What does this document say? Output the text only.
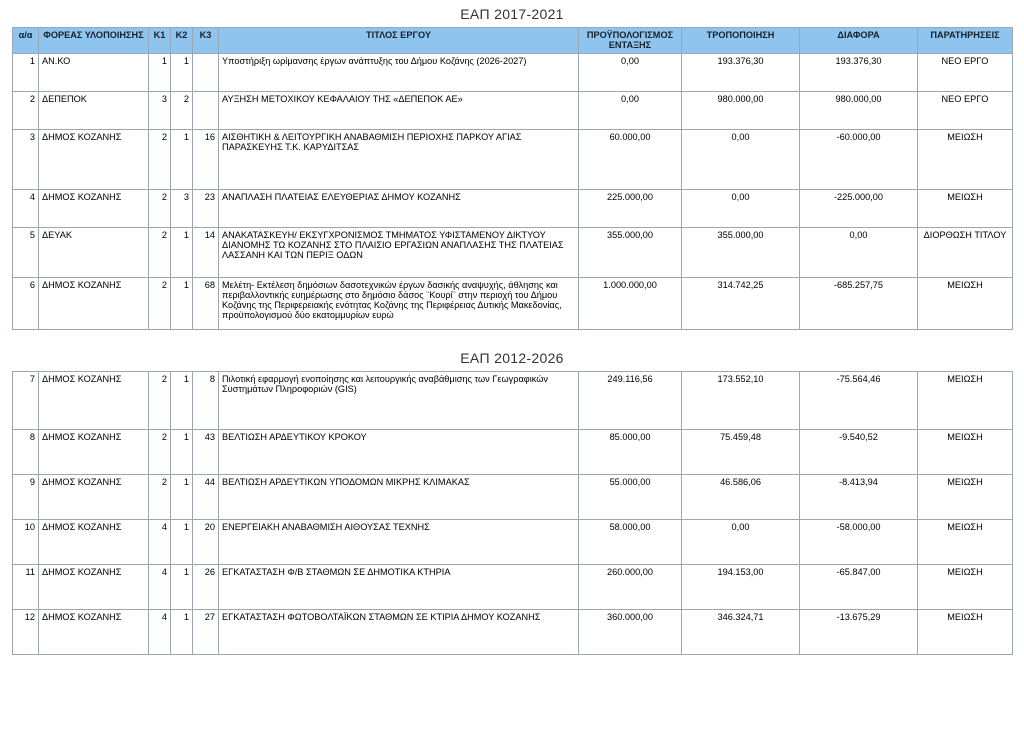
ΕΑΠ 2017-2021
α/α	ΦΟΡΕΑΣ ΥΛΟΠΟΙΗΣΗΣ	Κ1	Κ2	Κ3	ΤΙΤΛΟΣ ΕΡΓΟΥ	ΠΡΟΫΠΟΛΟΓΙΣΜΟΣ ΕΝΤΑΞΗΣ	ΤΡΟΠΟΠΟΙΗΣΗ	ΔΙΑΦΟΡΑ	ΠΑΡΑΤΗΡΗΣΕΙΣ
1	ΑΝ.ΚΟ	1	1		Υποστήριξη ωρίμανσης έργων ανάπτυξης του Δήμου Κοζάνης (2026-2027)	0,00	193.376,30	193.376,30	ΝΕΟ ΕΡΓΟ
2	ΔΕΠΕΠΟΚ	3	2		ΑΥΞΗΣΗ ΜΕΤΟΧΙΚΟΥ ΚΕΦΑΛΑΙΟΥ ΤΗΣ «ΔΕΠΕΠΟΚ ΑΕ»	0,00	980.000,00	980.000,00	ΝΕΟ ΕΡΓΟ
3	ΔΗΜΟΣ ΚΟΖΑΝΗΣ	2	1	16	ΑΙΣΘΗΤΙΚΗ & ΛΕΙΤΟΥΡΓΙΚΗ ΑΝΑΒΑΘΜΙΣΗ ΠΕΡΙΟΧΗΣ ΠΑΡΚΟΥ ΑΓΙΑΣ ΠΑΡΑΣΚΕΥΗΣ Τ.Κ. ΚΑΡΥΔΙΤΣΑΣ	60.000,00	0,00	-60.000,00	ΜΕΙΩΣΗ
4	ΔΗΜΟΣ ΚΟΖΑΝΗΣ	2	3	23	ΑΝΑΠΛΑΣΗ ΠΛΑΤΕΙΑΣ ΕΛΕΥΘΕΡΙΑΣ ΔΗΜΟΥ ΚΟΖΑΝΗΣ	225.000,00	0,00	-225.000,00	ΜΕΙΩΣΗ
5	ΔΕΥΑΚ	2	1	14	ΑΝΑΚΑΤΑΣΚΕΥΗ/ ΕΚΣΥΓΧΡΟΝΙΣΜΟΣ ΤΜΗΜΑΤΟΣ ΥΦΙΣΤΑΜΕΝΟΥ ΔΙΚΤΥΟΥ ΔΙΑΝΟΜΗΣ ΤΩ ΚΟΖΑΝΗΣ ΣΤΟ ΠΛΑΙΣΙΟ ΕΡΓΑΣΙΩΝ ΑΝΑΠΛΑΣΗΣ ΤΗΣ ΠΛΑΤΕΙΑΣ ΛΑΣΣΑΝΗ ΚΑΙ ΤΩΝ ΠΕΡΙΞ ΟΔΩΝ	355.000,00	355.000,00	0,00	ΔΙΟΡΘΩΣΗ ΤΙΤΛΟΥ
6	ΔΗΜΟΣ ΚΟΖΑΝΗΣ	2	1	68	Μελέτη- Εκτέλεση δημόσιων δασοτεχνικών έργων δασικής αναψυχής, άθλησης και περιβαλλοντικής ευημέρωσης στο δημόσιο δάσος ¨Κουρί¨ στην περιοχή του Δήμου Κοζάνης της Περιφερειακής ενότητας Κοζάνης της Περιφέρειας Δυτικής Μακεδονίας, προϋπολογισμού δύο εκατομμυρίων ευρώ	1.000.000,00	314.742,25	-685.257,75	ΜΕΙΩΣΗ
ΕΑΠ 2012-2026
7	ΔΗΜΟΣ ΚΟΖΑΝΗΣ	2	1	8	Πιλοτική εφαρμογή ενοποίησης και λειτουργικής αναβάθμισης των Γεωγραφικών Συστημάτων Πληροφοριών (GIS)	249.116,56	173.552,10	-75.564,46	ΜΕΙΩΣΗ
8	ΔΗΜΟΣ ΚΟΖΑΝΗΣ	2	1	43	ΒΕΛΤΙΩΣΗ ΑΡΔΕΥΤΙΚΟΥ ΚΡΟΚΟΥ	85.000,00	75.459,48	-9.540,52	ΜΕΙΩΣΗ
9	ΔΗΜΟΣ ΚΟΖΑΝΗΣ	2	1	44	ΒΕΛΤΙΩΣΗ ΑΡΔΕΥΤΙΚΩΝ ΥΠΟΔΟΜΩΝ ΜΙΚΡΗΣ ΚΛΙΜΑΚΑΣ	55.000,00	46.586,06	-8.413,94	ΜΕΙΩΣΗ
10	ΔΗΜΟΣ ΚΟΖΑΝΗΣ	4	1	20	ΕΝΕΡΓΕΙΑΚΗ ΑΝΑΒΑΘΜΙΣΗ ΑΙΘΟΥΣΑΣ ΤΕΧΝΗΣ	58.000,00	0,00	-58.000,00	ΜΕΙΩΣΗ
11	ΔΗΜΟΣ ΚΟΖΑΝΗΣ	4	1	26	ΕΓΚΑΤΑΣΤΑΣΗ Φ/Β ΣΤΑΘΜΩΝ ΣΕ ΔΗΜΟΤΙΚΑ ΚΤΗΡΙΑ	260.000,00	194.153,00	-65.847,00	ΜΕΙΩΣΗ
12	ΔΗΜΟΣ ΚΟΖΑΝΗΣ	4	1	27	ΕΓΚΑΤΑΣΤΑΣΗ ΦΩΤΟΒΟΛΤΑΪΚΩΝ ΣΤΑΘΜΩΝ ΣΕ ΚΤΙΡΙΑ ΔΗΜΟΥ ΚΟΖΑΝΗΣ	360.000,00	346.324,71	-13.675,29	ΜΕΙΩΣΗ
